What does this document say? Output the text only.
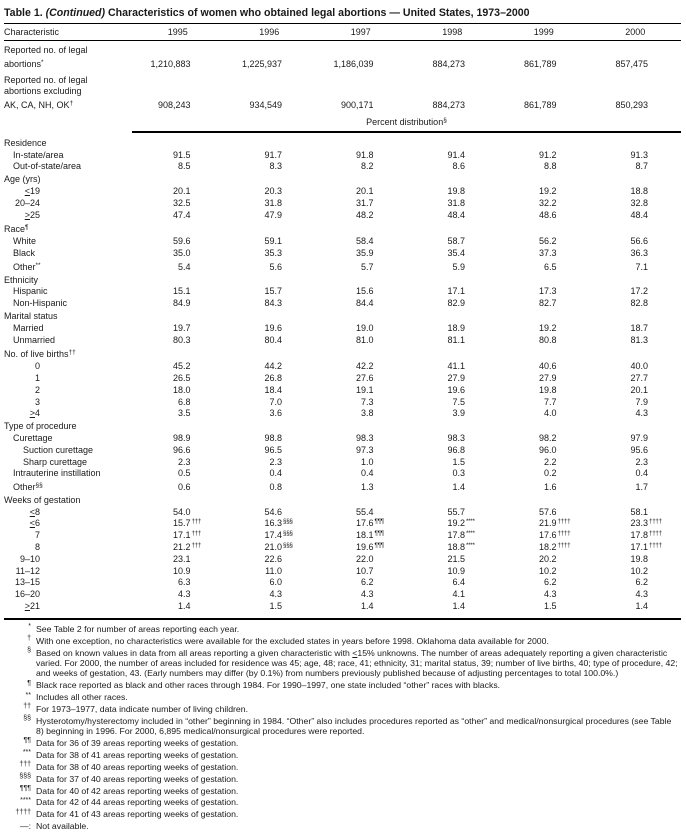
Table 1. (Continued) Characteristics of women who obtained legal abortions — United States, 1973–2000
Characteristic	1995	1996	1997	1998	1999	2000
Reported no. of legal
abortions*	1,210,883	1,225,937	1,186,039	884,273	861,789	857,475
Reported no. of legal
abortions excluding
AK, CA, NH, OK†	908,243	934,549	900,171	884,273	861,789	850,293
	Percent distribution§
Residence						
In-state/area	91.5	91.7	91.8	91.4	91.2	91.3
Out-of-state/area	8.5	8.3	8.2	8.6	8.8	8.7
Age (yrs)						
<19	20.1	20.3	20.1	19.8	19.2	18.8
20–24	32.5	31.8	31.7	31.8	32.2	32.8
>25	47.4	47.9	48.2	48.4	48.6	48.4
Race¶
White	59.6	59.1	58.4	58.7	56.2	56.6
Black	35.0	35.3	35.9	35.4	37.3	36.3
Other**	5.4	5.6	5.7	5.9	6.5	7.1
Ethnicity						
Hispanic	15.1	15.7	15.6	17.1	17.3	17.2
Non-Hispanic	84.9	84.3	84.4	82.9	82.7	82.8
Marital status						
Married	19.7	19.6	19.0	18.9	19.2	18.7
Unmarried	80.3	80.4	81.0	81.1	80.8	81.3
No. of live births††
0	45.2	44.2	42.2	41.1	40.6	40.0
1	26.5	26.8	27.6	27.9	27.9	27.7
2	18.0	18.4	19.1	19.6	19.8	20.1
3	6.8	7.0	7.3	7.5	7.7	7.9
>4	3.5	3.6	3.8	3.9	4.0	4.3
Type of procedure						
Curettage	98.9	98.8	98.3	98.3	98.2	97.9
Suction curettage	96.6	96.5	97.3	96.8	96.0	95.6
Sharp curettage	2.3	2.3	1.0	1.5	2.2	2.3
Intrauterine instillation	0.5	0.4	0.4	0.3	0.2	0.4
Other§§	0.6	0.8	1.3	1.4	1.6	1.7
Weeks of gestation						
<8	54.0	54.6	55.4	55.7	57.6	58.1
<6	15.7 †††	16.3 §§§	17.6 ¶¶¶	19.2 ****	21.9 ††††	23.3 ††††

7	17.1 †††	17.4 §§§	18.1 ¶¶¶	17.8 ****	17.6 ††††	17.8 ††††

8	21.2 †††	21.0 §§§	19.6 ¶¶¶	18.8 ****	18.2 ††††	17.1 ††††

9–10	23.1	22.6	22.0	21.5	20.2	19.8
11–12	10.9	11.0	10.7	10.9	10.2	10.2
13–15	6.3	6.0	6.2	6.4	6.2	6.2
16–20	4.3	4.3	4.3	4.1	4.3	4.3
>21	1.4	1.5	1.4	1.4	1.5	1.4

* See Table 2 for number of areas reporting each year.
† With one exception, no characteristics were available for the excluded states in years before 1998. Oklahoma data available for 2000.
§ Based on known values in data from all areas reporting a given characteristic with <15% unknowns. The number of areas adequately reporting a given characteristic varied. For 2000, the number of areas included for residence was 45; age, 48; race, 41; ethnicity, 31; marital status, 39; number of live births, 40; type of procedure, 42; and weeks of gestation, 43. (Early numbers may differ (by 0.1%) from numbers previously published because of adjusting percentages to total 100.0%.)
¶ Black race reported as black and other races through 1984. For 1990–1997, one state included “other” races with blacks.
** Includes all other races.
†† For 1973–1977, data indicate number of living children.
§§ Hysterotomy/hysterectomy included in “other” beginning in 1984. “Other” also includes procedures reported as “other” and medical/nonsurgical procedures (see Table 8) beginning in 1996. For 2000, 6,895 medical/nonsurgical procedures were reported.
¶¶ Data for 36 of 39 areas reporting weeks of gestation.
*** Data for 38 of 41 areas reporting weeks of gestation.
††† Data for 38 of 40 areas reporting weeks of gestation.
§§§ Data for 37 of 40 areas reporting weeks of gestation.
¶¶¶ Data for 40 of 42 areas reporting weeks of gestation.
**** Data for 42 of 44 areas reporting weeks of gestation.
†††† Data for 41 of 43 areas reporting weeks of gestation.
—: Not available.
